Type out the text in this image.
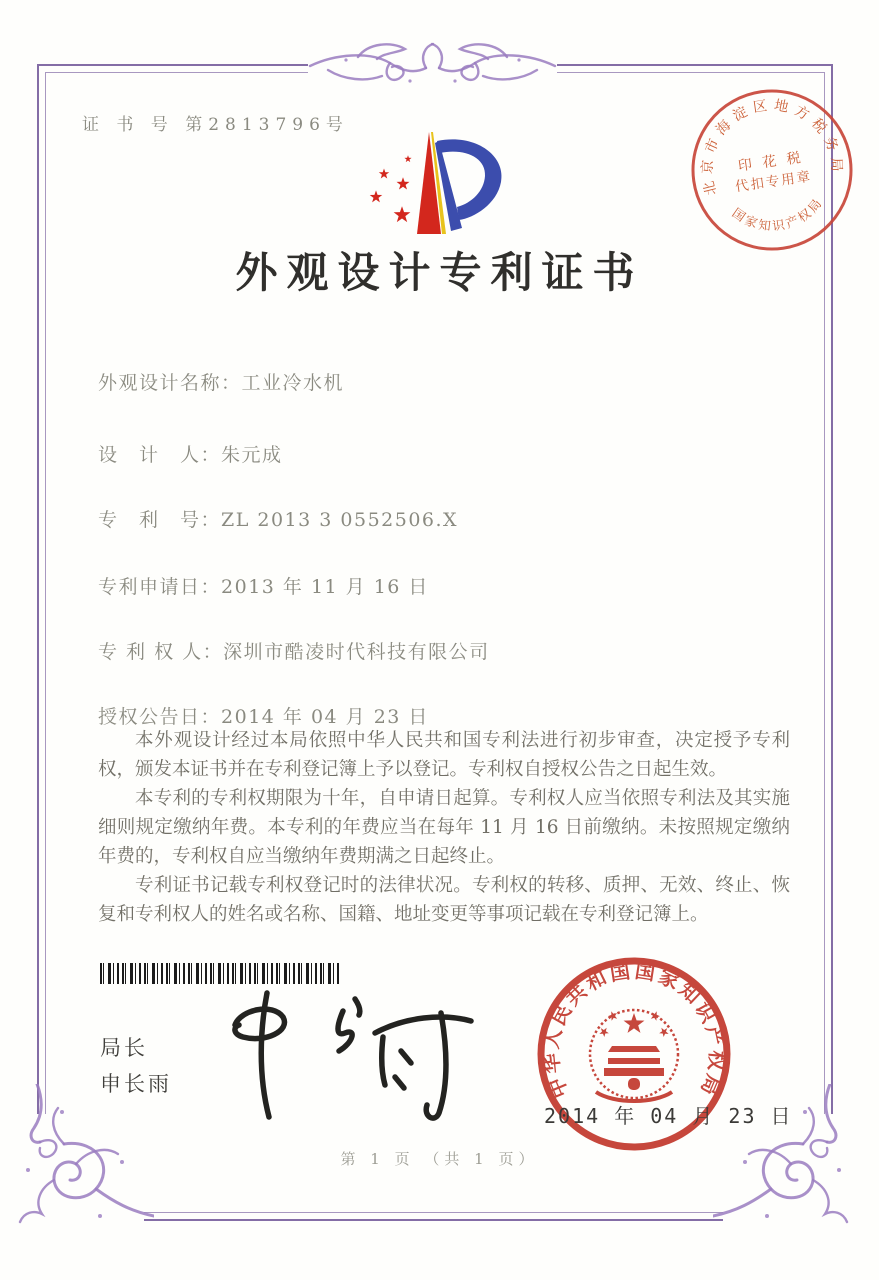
证 书 号 第2813796号
外观设计专利证书
外观设计名称：工业冷水机
设　计　人：朱元成
专　利　号：ZL 2013 3 0552506.X
专利申请日：2013 年 11 月 16 日
专 利 权 人：深圳市酷凌时代科技有限公司
授权公告日：2014 年 04 月 23 日

本外观设计经过本局依照中华人民共和国专利法进行初步审查，决定授予专利权，颁发本证书并在专利登记簿上予以登记。专利权自授权公告之日起生效。

本专利的专利权期限为十年，自申请日起算。专利权人应当依照专利法及其实施细则规定缴纳年费。本专利的年费应当在每年 11 月 16 日前缴纳。未按照规定缴纳年费的，专利权自应当缴纳年费期满之日起终止。

专利证书记载专利权登记时的法律状况。专利权的转移、质押、无效、终止、恢复和专利权人的姓名或名称、国籍、地址变更等事项记载在专利登记簿上。

局长
申长雨	中华人民共和国国家知识产权局
2014 年 04 月 23 日
北京市海淀区地方税务局
国家知识产权局
印 花 税
代扣专用章
第 1 页 （共 1 页）
